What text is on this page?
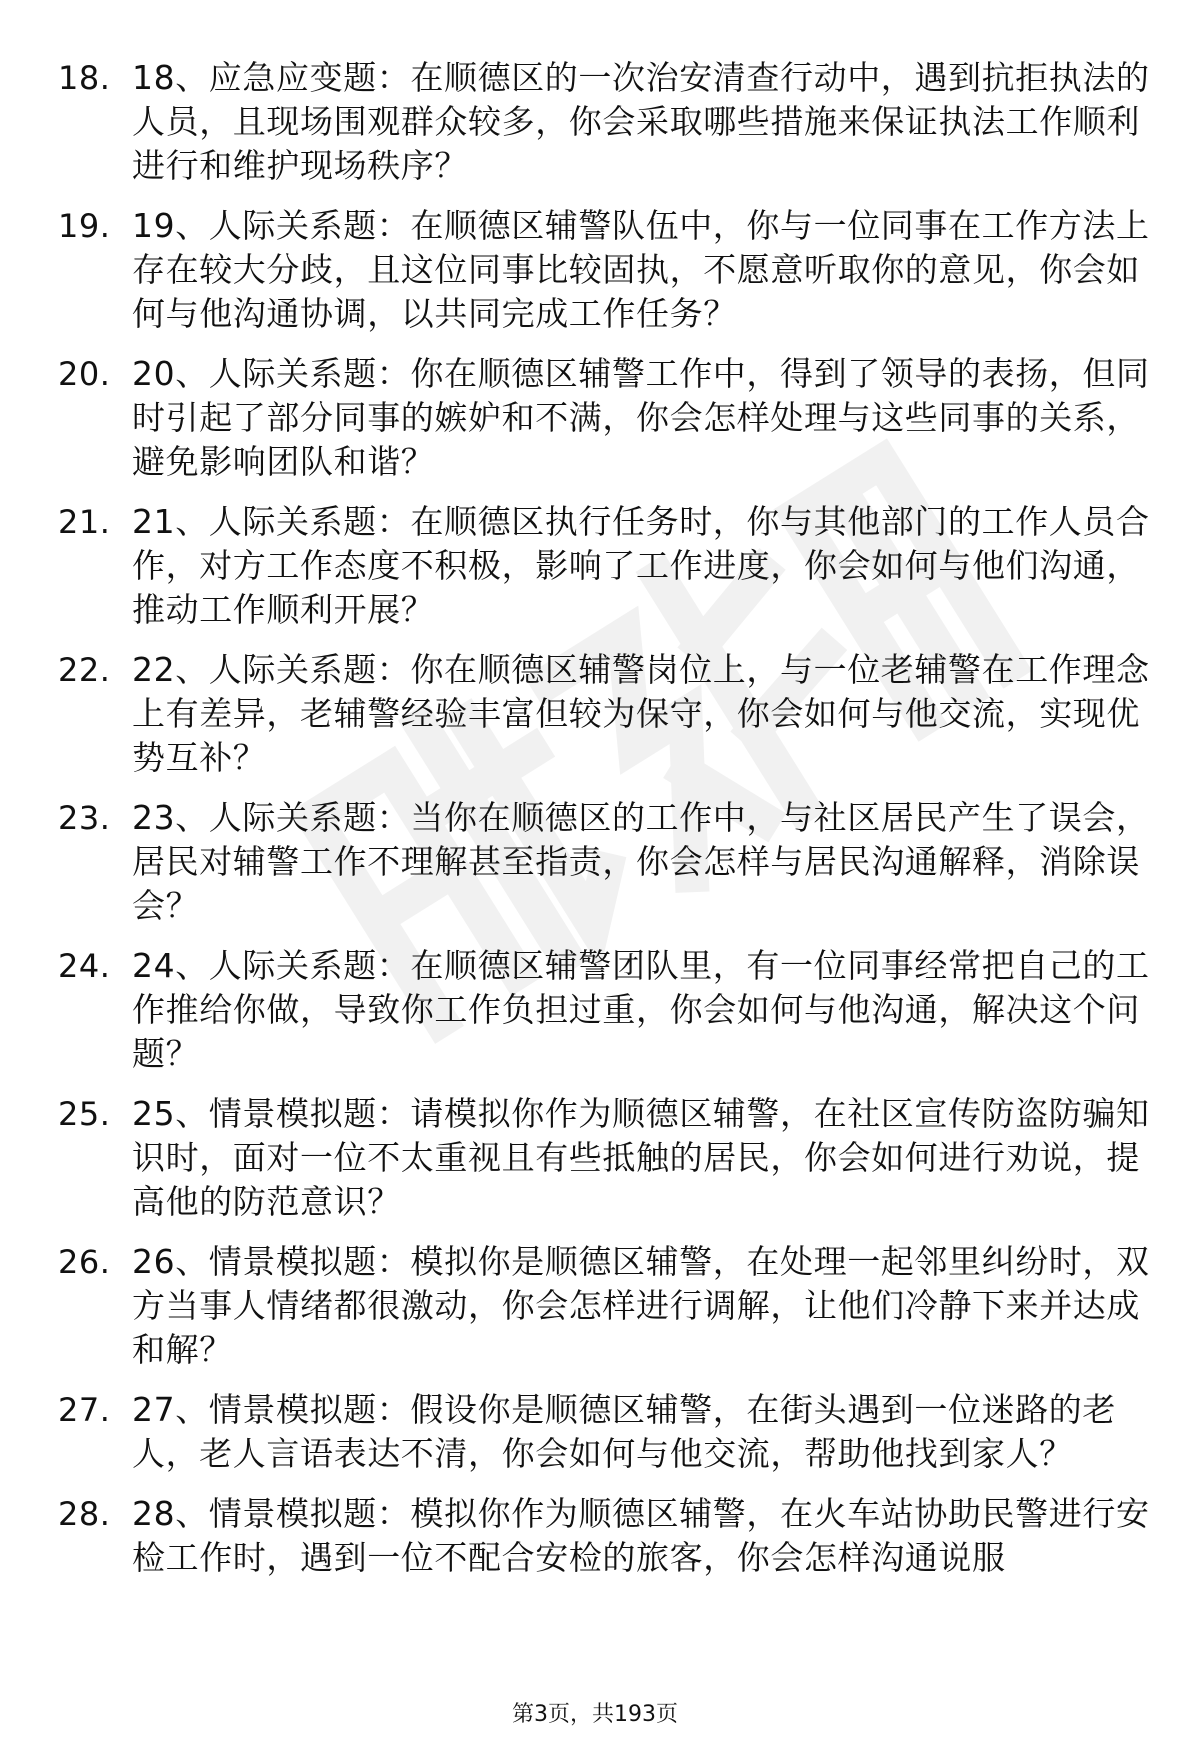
18. 18、应急应变题：在顺德区的一次治安清查行动中，遇到抗拒执法的人员，且现场围观群众较多，你会采取哪些措施来保证执法工作顺利进行和维护现场秩序？
19. 19、人际关系题：在顺德区辅警队伍中，你与一位同事在工作方法上存在较大分歧，且这位同事比较固执，不愿意听取你的意见，你会如何与他沟通协调，以共同完成工作任务？
20. 20、人际关系题：你在顺德区辅警工作中，得到了领导的表扬，但同时引起了部分同事的嫉妒和不满，你会怎样处理与这些同事的关系，避免影响团队和谐？
21. 21、人际关系题：在顺德区执行任务时，你与其他部门的工作人员合作，对方工作态度不积极，影响了工作进度，你会如何与他们沟通，推动工作顺利开展？
22. 22、人际关系题：你在顺德区辅警岗位上，与一位老辅警在工作理念上有差异，老辅警经验丰富但较为保守，你会如何与他交流，实现优势互补？
23. 23、人际关系题：当你在顺德区的工作中，与社区居民产生了误会，居民对辅警工作不理解甚至指责，你会怎样与居民沟通解释，消除误会？
24. 24、人际关系题：在顺德区辅警团队里，有一位同事经常把自己的工作推给你做，导致你工作负担过重，你会如何与他沟通，解决这个问题？
25. 25、情景模拟题：请模拟你作为顺德区辅警，在社区宣传防盗防骗知识时，面对一位不太重视且有些抵触的居民，你会如何进行劝说，提高他的防范意识？
26. 26、情景模拟题：模拟你是顺德区辅警，在处理一起邻里纠纷时，双方当事人情绪都很激动，你会怎样进行调解，让他们冷静下来并达成和解？
27. 27、情景模拟题：假设你是顺德区辅警，在街头遇到一位迷路的老人，老人言语表达不清，你会如何与他交流，帮助他找到家人？
28. 28、情景模拟题：模拟你作为顺德区辅警，在火车站协助民警进行安检工作时，遇到一位不配合安检的旅客，你会怎样沟通说服
第3页，共193页
